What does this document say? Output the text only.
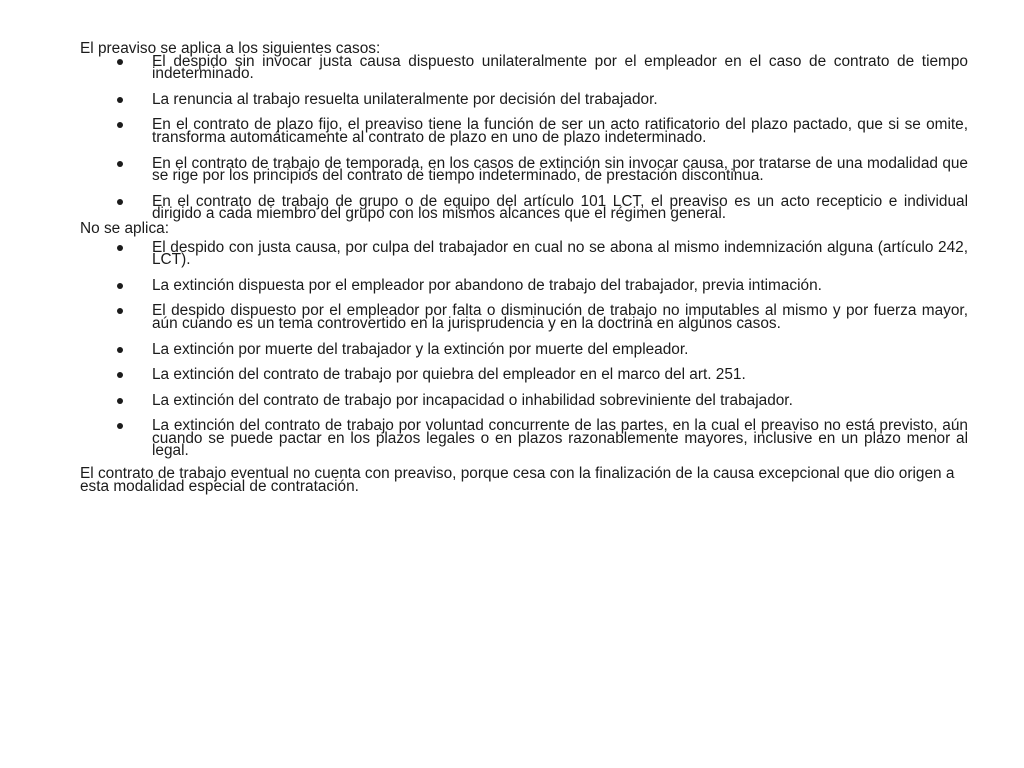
El preaviso se aplica a los siguientes casos:

El despido sin invocar justa causa dispuesto unilateralmente por el empleador en el caso de contrato de tiempo indeterminado.
La renuncia al trabajo resuelta unilateralmente por decisión del trabajador.
En el contrato de plazo fijo, el preaviso tiene la función de ser un acto ratificatorio del plazo pactado, que si se omite, transforma automáticamente al contrato de plazo en uno de plazo indeterminado.
En el contrato de trabajo de temporada, en los casos de extinción sin invocar causa, por tratarse de una modalidad que se rige por los principios del contrato de tiempo indeterminado, de prestación discontinua.
En el contrato de trabajo de grupo o de equipo del artículo 101 LCT, el preaviso es un acto recepticio e individual dirigido a cada miembro del grupo con los mismos alcances que el régimen general.

No se aplica:

El despido con justa causa, por culpa del trabajador en cual no se abona al mismo indemnización alguna (artículo 242, LCT).
La extinción dispuesta por el empleador por abandono de trabajo del trabajador, previa intimación.
El despido dispuesto por el empleador por falta o disminución de trabajo no imputables al mismo y por fuerza mayor, aún cuando es un tema controvertido en la jurisprudencia y en la doctrina en algunos casos.
La extinción por muerte del trabajador y la extinción por muerte del empleador.
La extinción del contrato de trabajo por quiebra del empleador en el marco del art. 251.
La extinción del contrato de trabajo por incapacidad o inhabilidad sobreviniente del trabajador.
La extinción del contrato de trabajo por voluntad concurrente de las partes, en la cual el preaviso no está previsto, aún cuando se puede pactar en los plazos legales o en plazos razonablemente mayores, inclusive en un plazo menor al legal.

El contrato de trabajo eventual no cuenta con preaviso, porque cesa con la finalización de la causa excepcional que dio origen a esta modalidad especial de contratación.
